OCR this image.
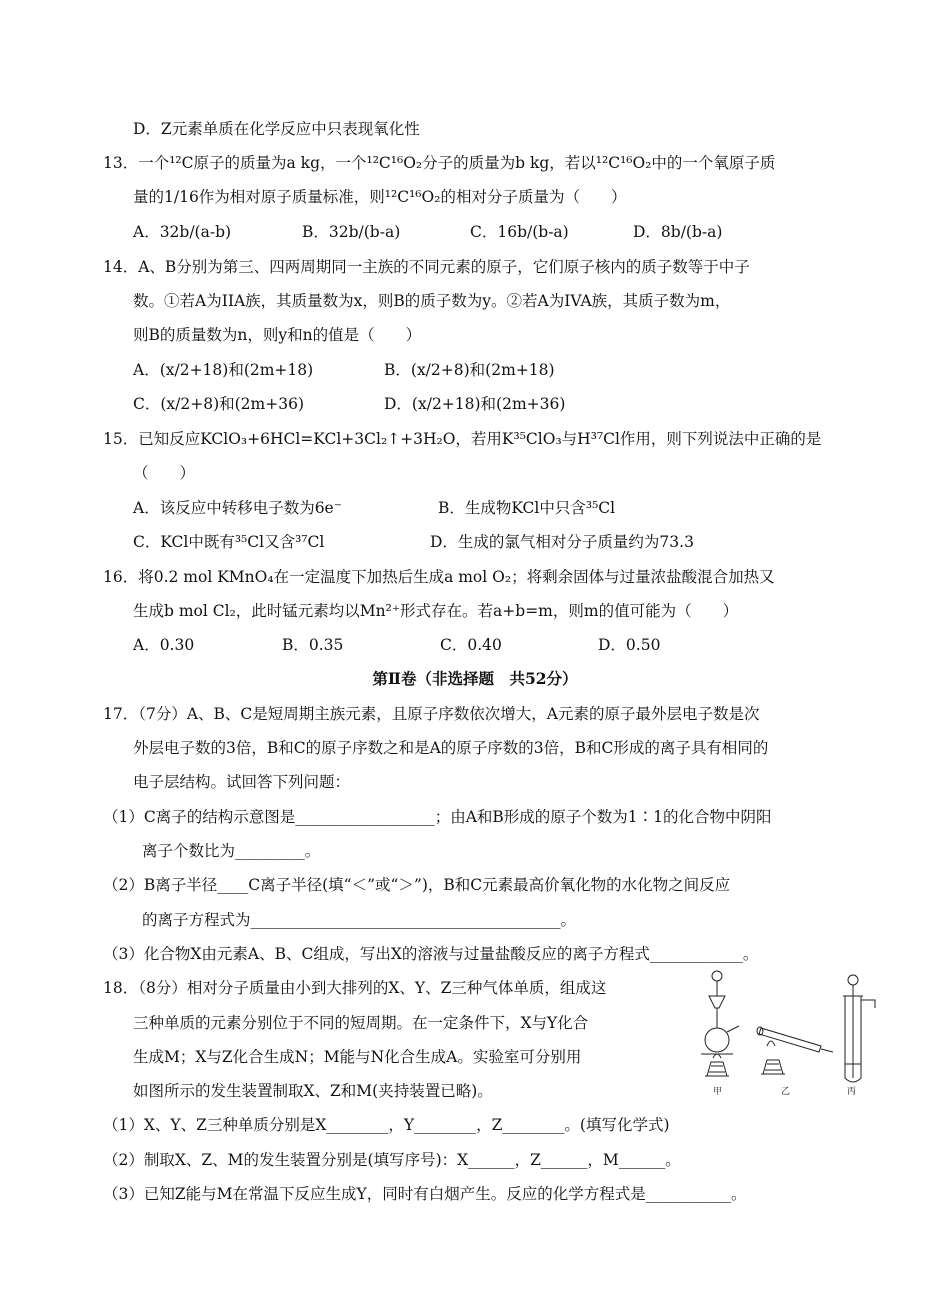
D．Z元素单质在化学反应中只表现氧化性
13．一个¹²C原子的质量为a kg，一个¹²C¹⁶O₂分子的质量为b kg，若以¹²C¹⁶O₂中的一个氧原子质
量的1/16作为相对原子质量标准，则¹²C¹⁶O₂的相对分子质量为（　　）
A．32b/(a-b)	B．32b/(b-a)	C．16b/(b-a)	D．8b/(b-a)
14．A、B分别为第三、四两周期同一主族的不同元素的原子，它们原子核内的质子数等于中子
数。①若A为IIA族，其质量数为x，则B的质子数为y。②若A为IVA族，其质子数为m，
则B的质量数为n，则y和n的值是（　　）
A．(x/2+18)和(2m+18)	B．(x/2+8)和(2m+18)
C．(x/2+8)和(2m+36)	D．(x/2+18)和(2m+36)
15．已知反应KClO₃+6HCl=KCl+3Cl₂↑+3H₂O，若用K³⁵ClO₃与H³⁷Cl作用，则下列说法中正确的是
（　　）
A．该反应中转移电子数为6e⁻	B．生成物KCl中只含³⁵Cl
C．KCl中既有³⁵Cl又含³⁷Cl	D．生成的氯气相对分子质量约为73.3
16．将0.2 mol KMnO₄在一定温度下加热后生成a mol O₂；将剩余固体与过量浓盐酸混合加热又
生成b mol Cl₂，此时锰元素均以Mn²⁺形式存在。若a+b=m，则m的值可能为（　　）
A．0.30	B．0.35	C．0.40	D．0.50
第Ⅱ卷（非选择题　共52分）
17．（7分）A、B、C是短周期主族元素，且原子序数依次增大，A元素的原子最外层电子数是次
外层电子数的3倍，B和C的原子序数之和是A的原子序数的3倍，B和C形成的离子具有相同的
电子层结构。试回答下列问题：
（1）C离子的结构示意图是__________________；由A和B形成的原子个数为1∶1的化合物中阴阳
离子个数比为_________。
（2）B离子半径____C离子半径(填“＜”或“＞”)，B和C元素最高价氧化物的水化物之间反应
的离子方程式为________________________________________。
（3）化合物X由元素A、B、C组成，写出X的溶液与过量盐酸反应的离子方程式____________。
18．（8分）相对分子质量由小到大排列的X、Y、Z三种气体单质，组成这
三种单质的元素分别位于不同的短周期。在一定条件下，X与Y化合
生成M；X与Z化合生成N；M能与N化合生成A。实验室可分别用
如图所示的发生装置制取X、Z和M(夹持装置已略)。
（1）X、Y、Z三种单质分别是X________，Y________，Z________。(填写化学式)
（2）制取X、Z、M的发生装置分别是(填写序号)：X______，Z______，M______。
（3）已知Z能与M在常温下反应生成Y，同时有白烟产生。反应的化学方程式是___________。
甲	乙	丙
